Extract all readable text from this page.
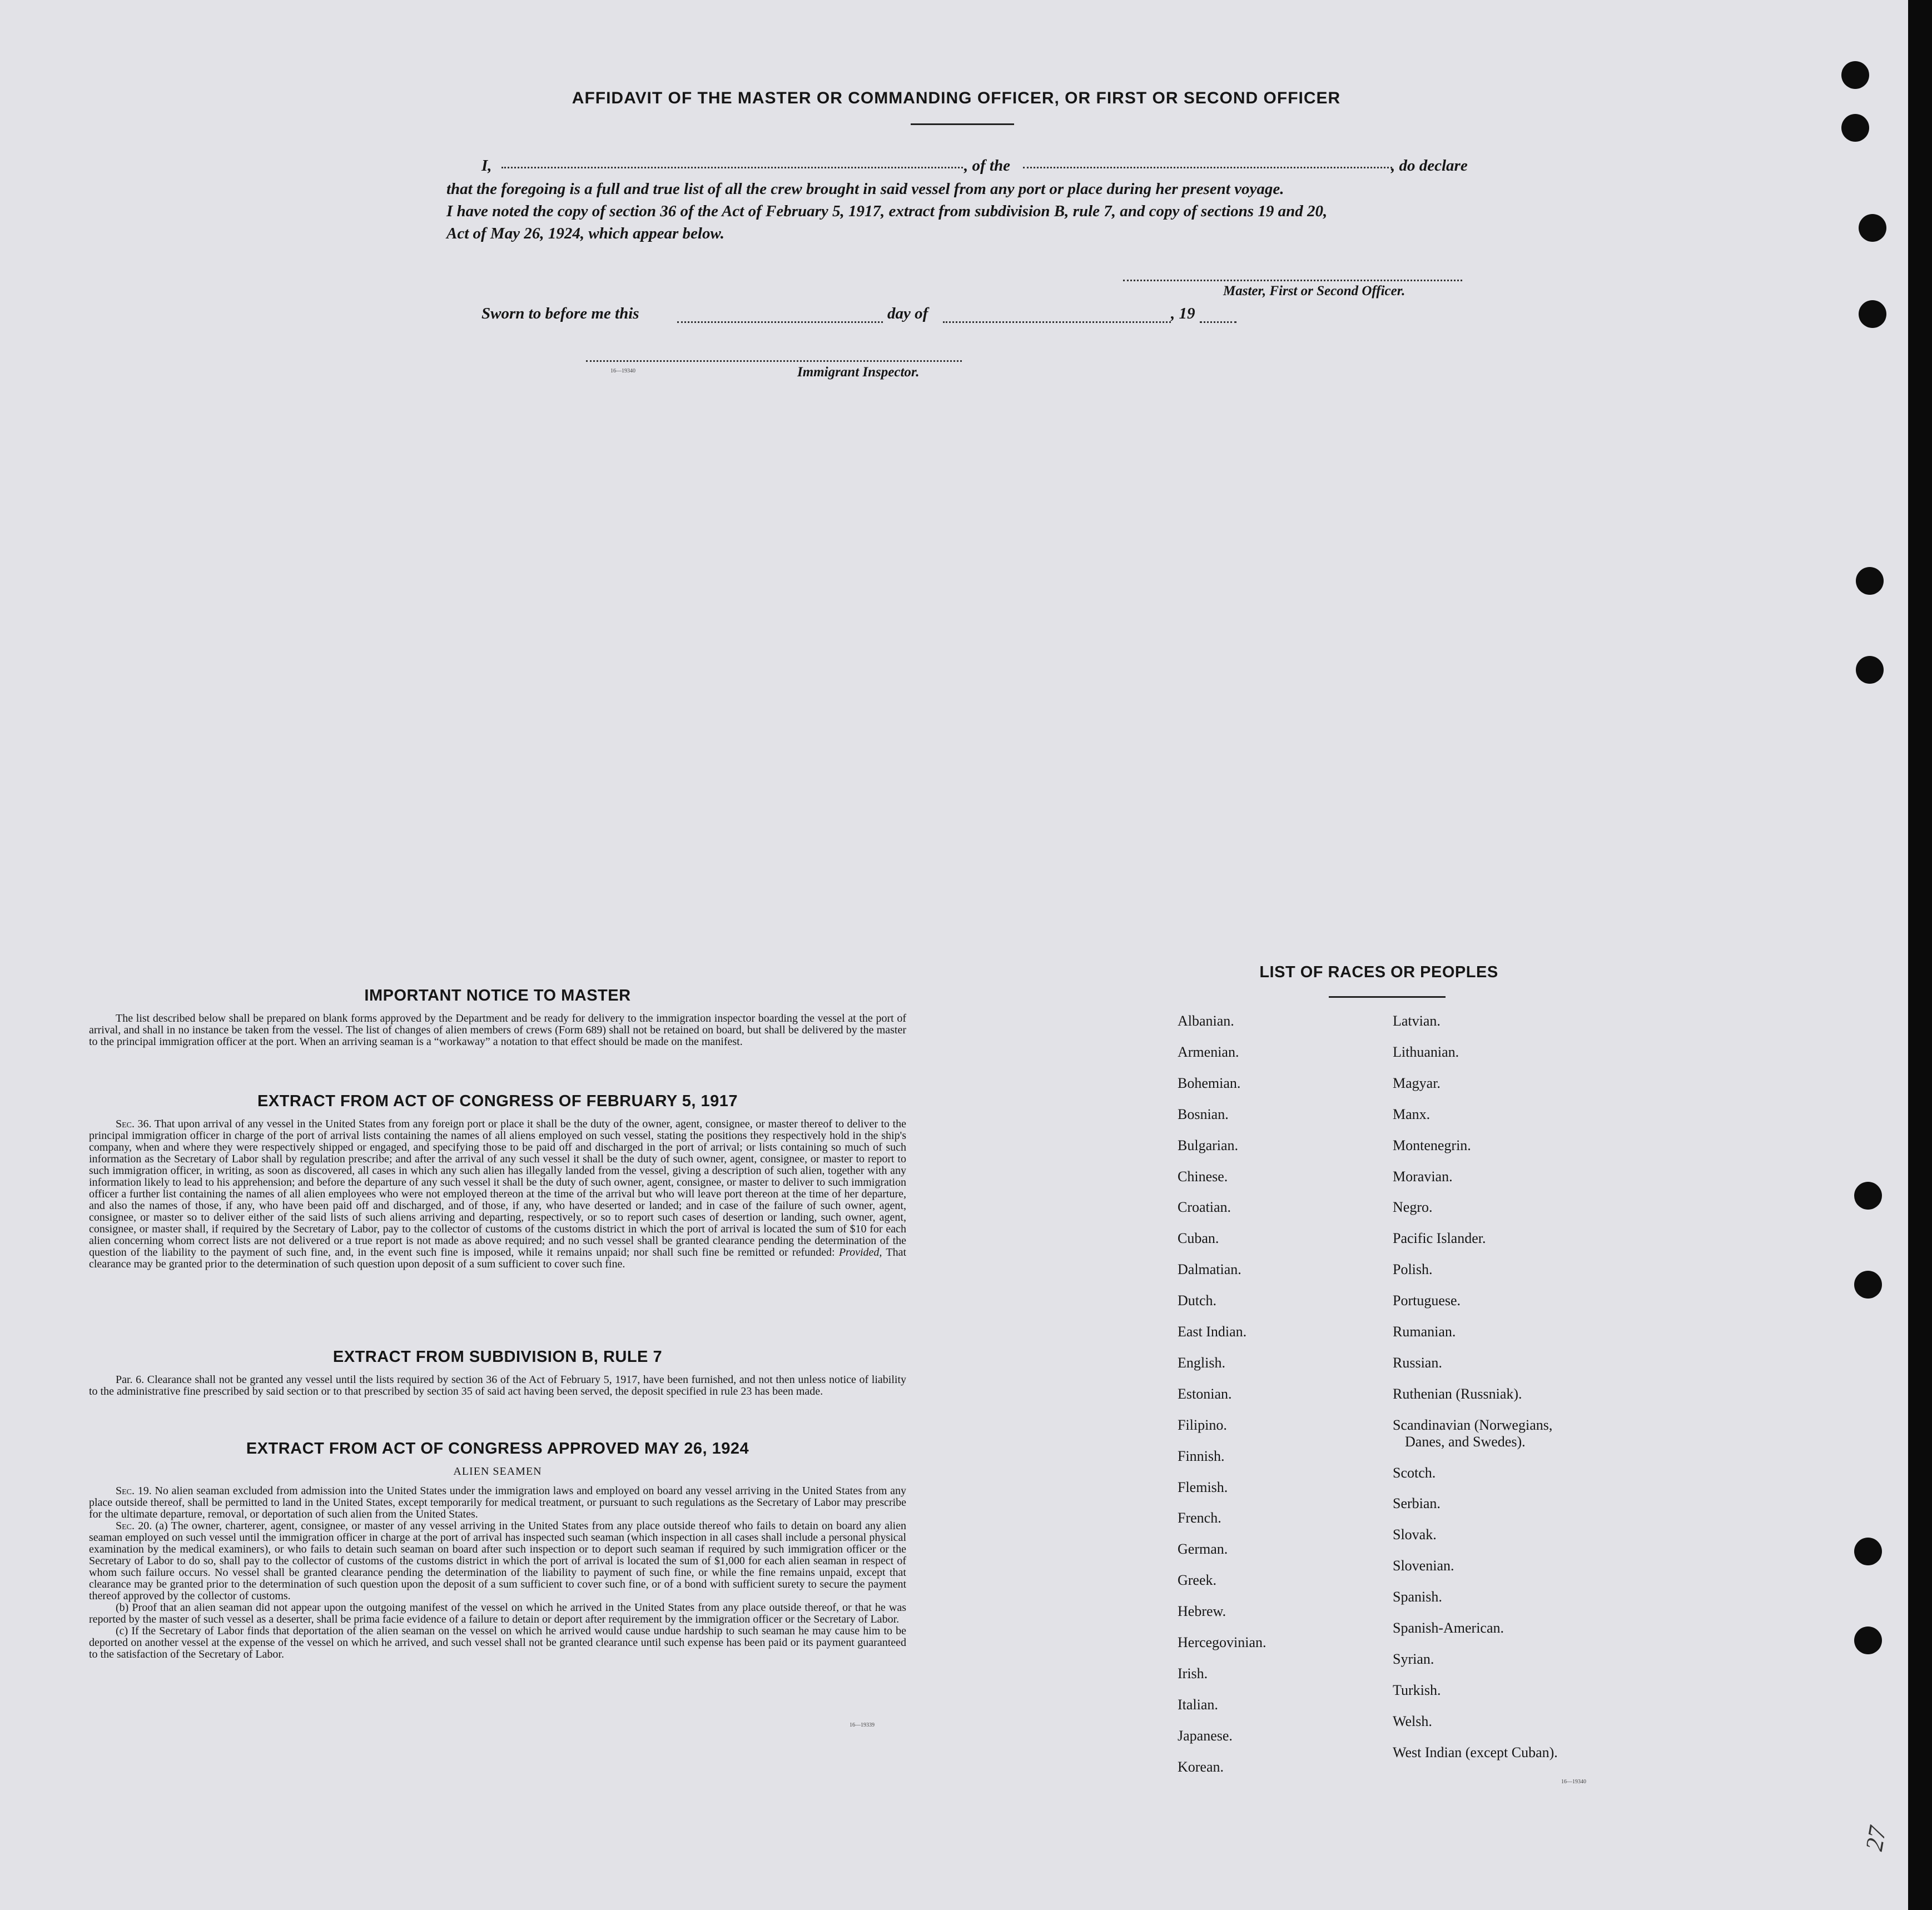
AFFIDAVIT OF THE MASTER OR COMMANDING OFFICER, OR FIRST OR SECOND OFFICER
I,	, of the	, do declare
that the foregoing is a full and true list of all the crew brought in said vessel from any port or place during her present voyage.
I have noted the copy of section 36 of the Act of February 5, 1917, extract from subdivision B, rule 7, and copy of sections 19 and 20,
Act of May 26, 1924, which appear below.
Master, First or Second Officer.
Sworn to before me this	day of	, 19
16—19340	Immigrant Inspector.
IMPORTANT NOTICE TO MASTER

The list described below shall be prepared on blank forms approved by the Department and be ready for delivery to the immigration inspector boarding the vessel at the port of arrival, and shall in no instance be taken from the vessel. The list of changes of alien members of crews (Form 689) shall not be retained on board, but shall be delivered by the master to the principal immigration officer at the port. When an arriving seaman is a “workaway” a notation to that effect should be made on the manifest.

EXTRACT FROM ACT OF CONGRESS OF FEBRUARY 5, 1917

Sec. 36. That upon arrival of any vessel in the United States from any foreign port or place it shall be the duty of the owner, agent, consignee, or master thereof to deliver to the principal immigration officer in charge of the port of arrival lists containing the names of all aliens employed on such vessel, stating the positions they respectively hold in the ship's company, when and where they were respectively shipped or engaged, and specifying those to be paid off and discharged in the port of arrival; or lists containing so much of such information as the Secretary of Labor shall by regulation prescribe; and after the arrival of any such vessel it shall be the duty of such owner, agent, consignee, or master to report to such immigration officer, in writing, as soon as discovered, all cases in which any such alien has illegally landed from the vessel, giving a description of such alien, together with any information likely to lead to his apprehension; and before the departure of any such vessel it shall be the duty of such owner, agent, consignee, or master to deliver to such immigration officer a further list containing the names of all alien employees who were not employed thereon at the time of the arrival but who will leave port thereon at the time of her departure, and also the names of those, if any, who have been paid off and discharged, and of those, if any, who have deserted or landed; and in case of the failure of such owner, agent, consignee, or master so to deliver either of the said lists of such aliens arriving and departing, respectively, or so to report such cases of desertion or landing, such owner, agent, consignee, or master shall, if required by the Secretary of Labor, pay to the collector of customs of the customs district in which the port of arrival is located the sum of $10 for each alien concerning whom correct lists are not delivered or a true report is not made as above required; and no such vessel shall be granted clearance pending the determination of the question of the liability to the payment of such fine, and, in the event such fine is imposed, while it remains unpaid; nor shall such fine be remitted or refunded: Provided, That clearance may be granted prior to the determination of such question upon deposit of a sum sufficient to cover such fine.

EXTRACT FROM SUBDIVISION B, RULE 7

Par. 6. Clearance shall not be granted any vessel until the lists required by section 36 of the Act of February 5, 1917, have been furnished, and not then unless notice of liability to the administrative fine prescribed by said section or to that prescribed by section 35 of said act having been served, the deposit specified in rule 23 has been made.

EXTRACT FROM ACT OF CONGRESS APPROVED MAY 26, 1924
ALIEN SEAMEN

Sec. 19. No alien seaman excluded from admission into the United States under the immigration laws and employed on board any vessel arriving in the United States from any place outside thereof, shall be permitted to land in the United States, except temporarily for medical treatment, or pursuant to such regulations as the Secretary of Labor may prescribe for the ultimate departure, removal, or deportation of such alien from the United States.
Sec. 20. (a) The owner, charterer, agent, consignee, or master of any vessel arriving in the United States from any place outside thereof who fails to detain on board any alien seaman employed on such vessel until the immigration officer in charge at the port of arrival has inspected such seaman (which inspection in all cases shall include a personal physical examination by the medical examiners), or who fails to detain such seaman on board after such inspection or to deport such seaman if required by such immigration officer or the Secretary of Labor to do so, shall pay to the collector of customs of the customs district in which the port of arrival is located the sum of $1,000 for each alien seaman in respect of whom such failure occurs. No vessel shall be granted clearance pending the determination of the liability to payment of such fine, or while the fine remains unpaid, except that clearance may be granted prior to the determination of such question upon the deposit of a sum sufficient to cover such fine, or of a bond with sufficient surety to secure the payment thereof approved by the collector of customs.
(b) Proof that an alien seaman did not appear upon the outgoing manifest of the vessel on which he arrived in the United States from any place outside thereof, or that he was reported by the master of such vessel as a deserter, shall be prima facie evidence of a failure to detain or deport after requirement by the immigration officer or the Secretary of Labor.
(c) If the Secretary of Labor finds that deportation of the alien seaman on the vessel on which he arrived would cause undue hardship to such seaman he may cause him to be deported on another vessel at the expense of the vessel on which he arrived, and such vessel shall not be granted clearance until such expense has been paid or its payment guaranteed to the satisfaction of the Secretary of Labor.

16—19339
LIST OF RACES OR PEOPLES
Albanian.
Armenian.
Bohemian.
Bosnian.
Bulgarian.
Chinese.
Croatian.
Cuban.
Dalmatian.
Dutch.
East Indian.
English.
Estonian.
Filipino.
Finnish.
Flemish.
French.
German.
Greek.
Hebrew.
Hercegovinian.
Irish.
Italian.
Japanese.
Korean.
Latvian.
Lithuanian.
Magyar.
Manx.
Montenegrin.
Moravian.
Negro.
Pacific Islander.
Polish.
Portuguese.
Rumanian.
Russian.
Ruthenian (Russniak).
Scandinavian (Norwegians,
Danes, and Swedes).
Scotch.
Serbian.
Slovak.
Slovenian.
Spanish.
Spanish-American.
Syrian.
Turkish.
Welsh.
West Indian (except Cuban).
16—19340
27
